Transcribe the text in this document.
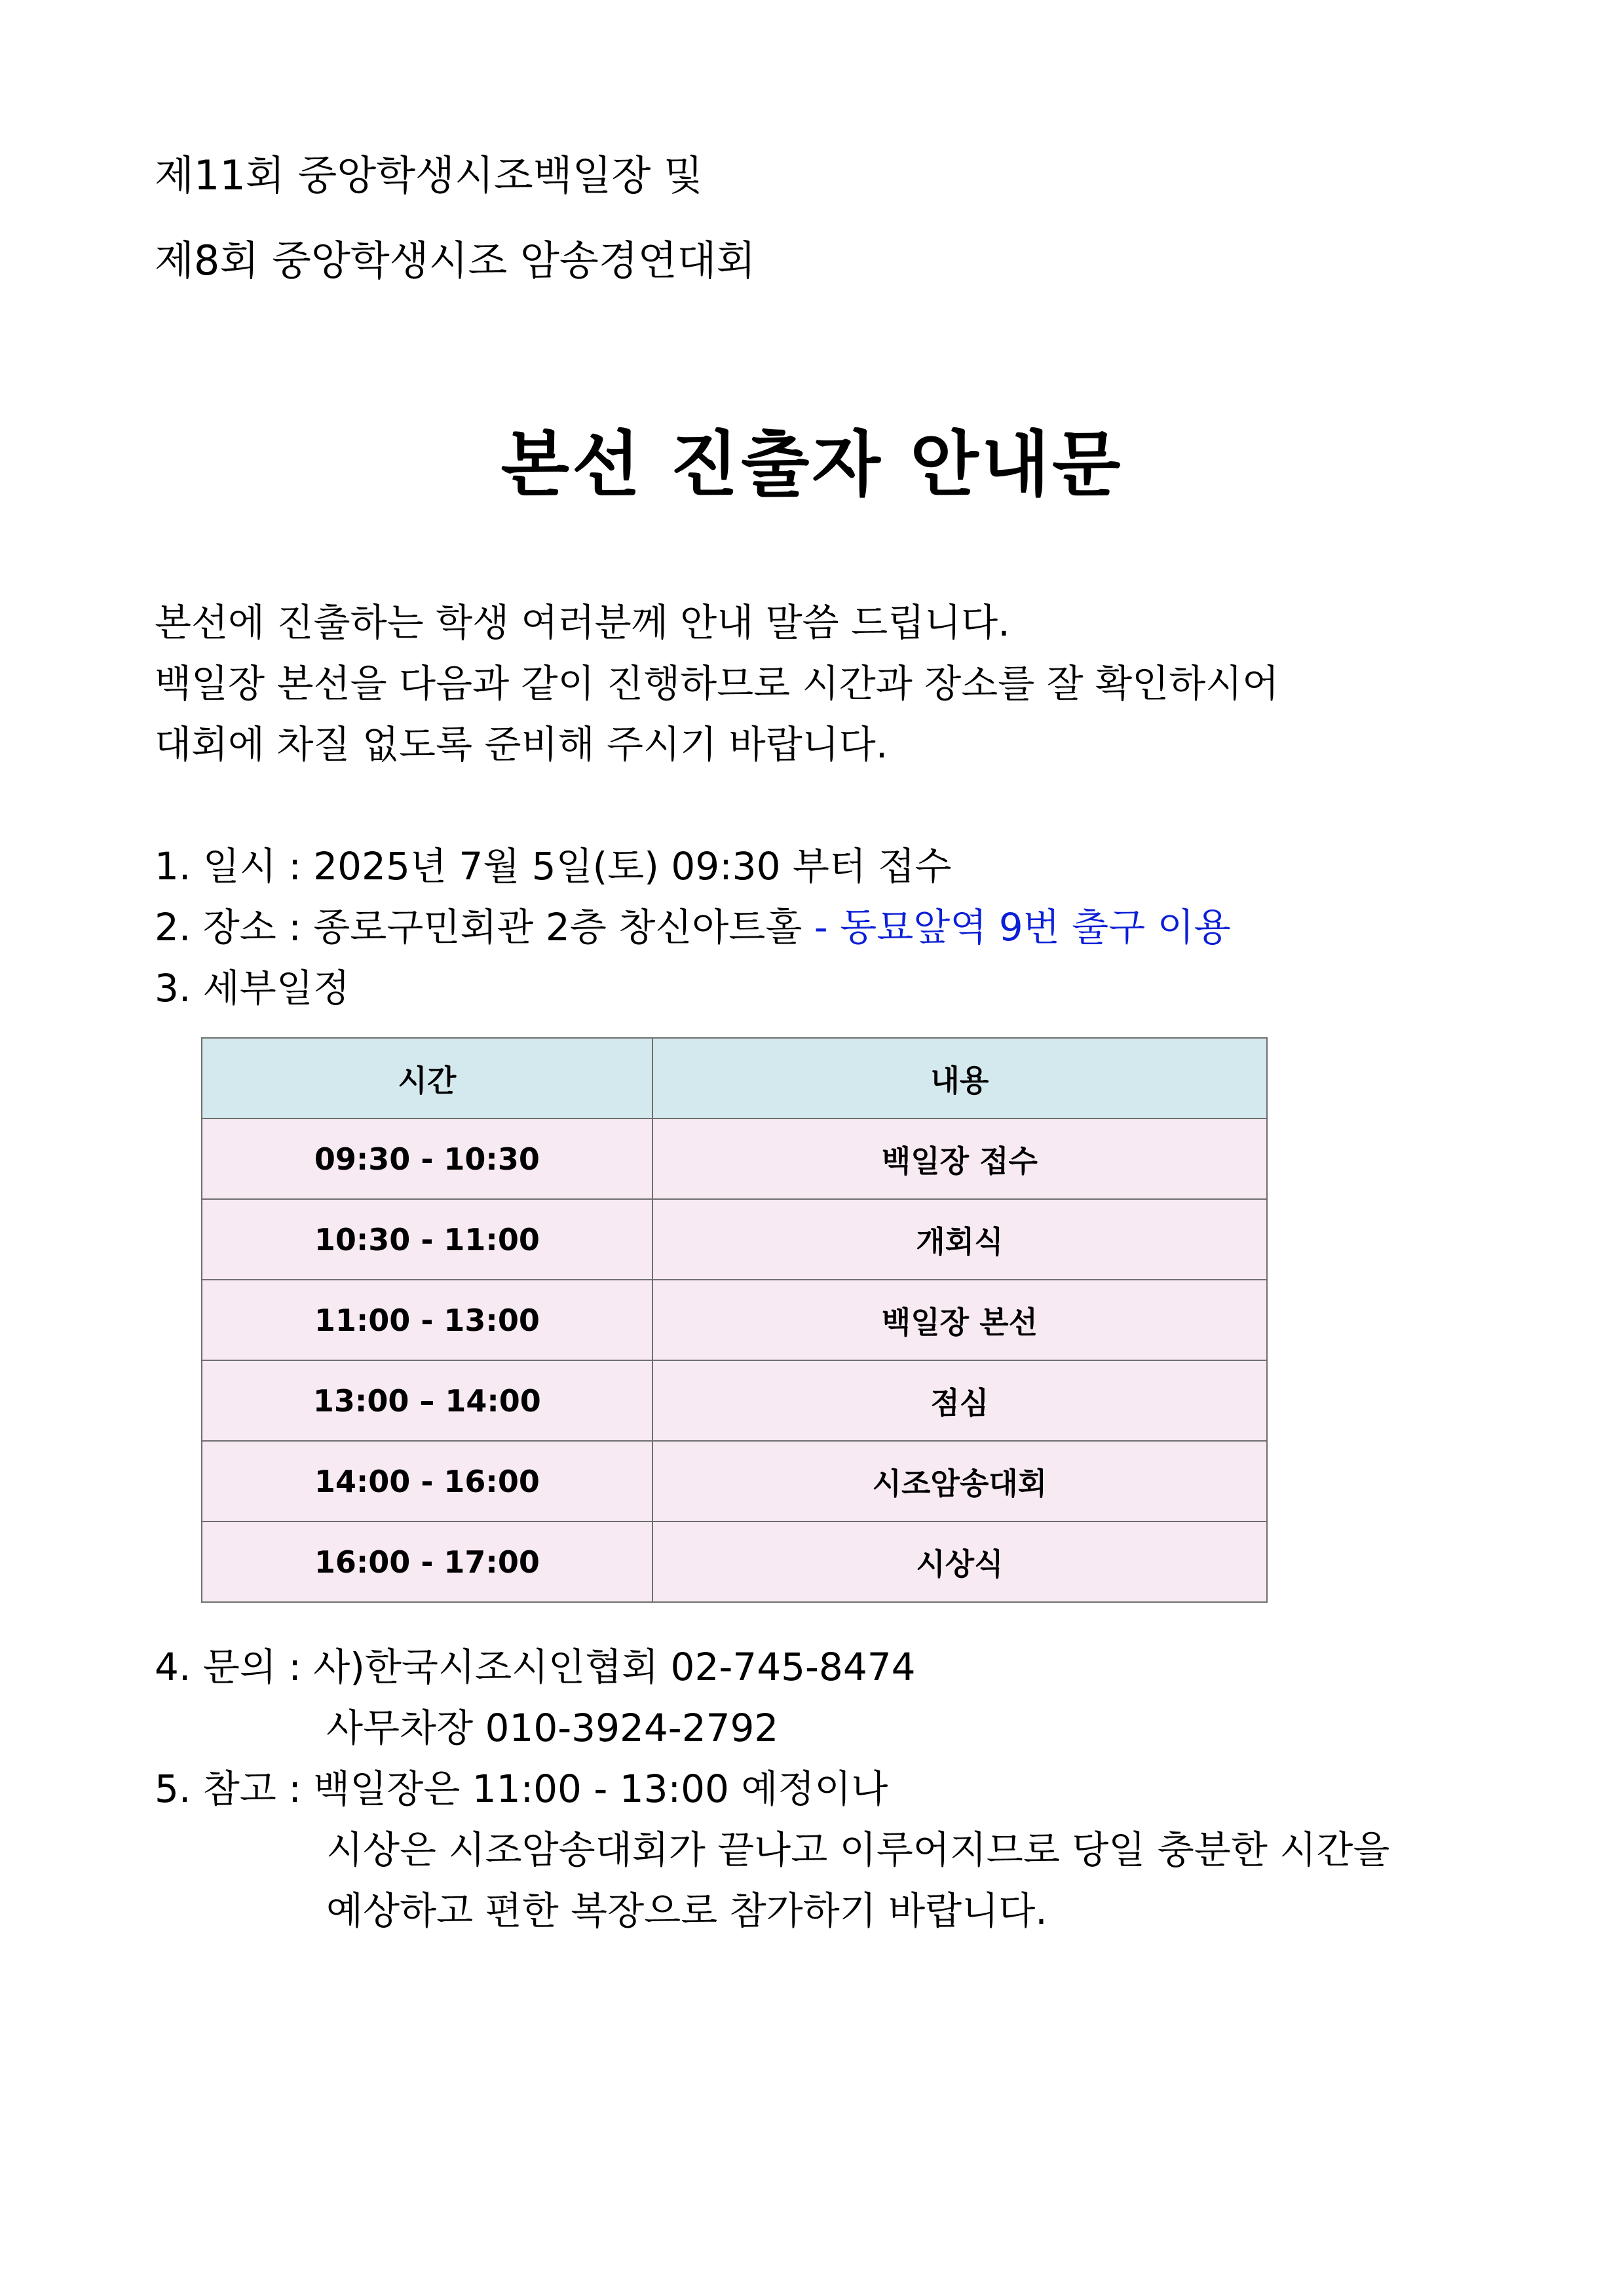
제11회 중앙학생시조백일장 및
제8회 중앙학생시조 암송경연대회
본선 진출자 안내문
본선에 진출하는 학생 여러분께 안내 말씀 드립니다.
백일장 본선을 다음과 같이 진행하므로 시간과 장소를 잘 확인하시어
대회에 차질 없도록 준비해 주시기 바랍니다.
1. 일시 : 2025년 7월 5일(토) 09:30 부터 접수
2. 장소 : 종로구민회관 2층 창신아트홀 - 동묘앞역 9번 출구 이용
3. 세부일정
시간	내용
09:30 - 10:30	백일장 접수
10:30 - 11:00	개회식
11:00 - 13:00	백일장 본선
13:00 – 14:00	점심
14:00 - 16:00	시조암송대회
16:00 - 17:00	시상식
4. 문의 : 사)한국시조시인협회 02-745-8474
사무차장 010-3924-2792
5. 참고 : 백일장은 11:00 - 13:00 예정이나
시상은 시조암송대회가 끝나고 이루어지므로 당일 충분한 시간을
예상하고 편한 복장으로 참가하기 바랍니다.
